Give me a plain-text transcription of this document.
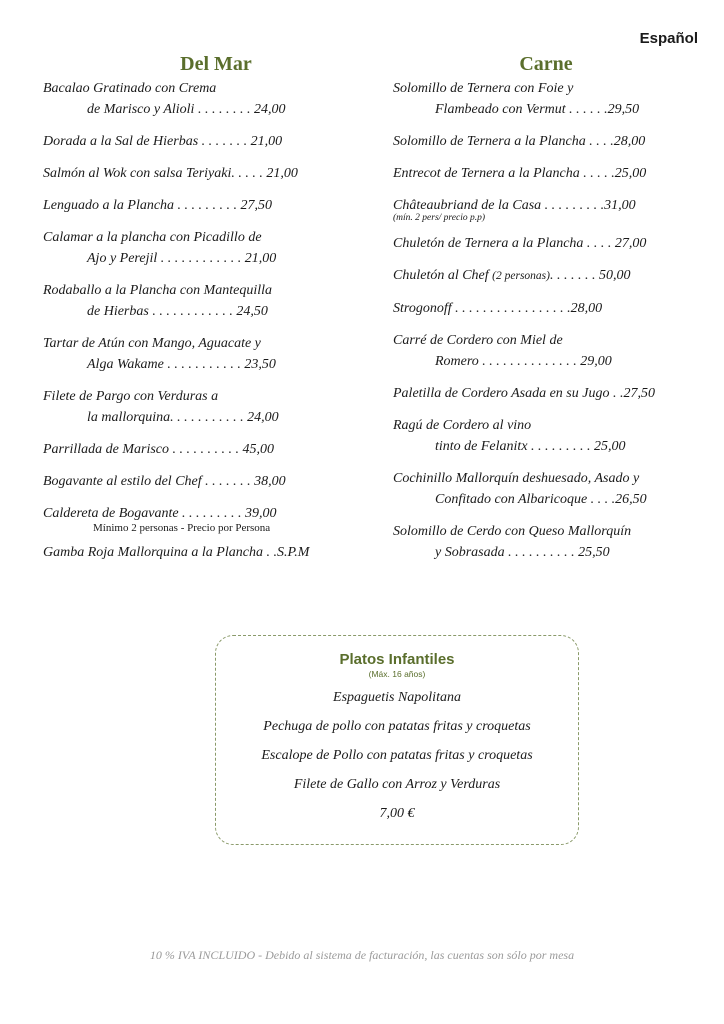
Español
Del Mar
Bacalao Gratinado con Crema
de Marisco y Alioli . . . . . . . . 24,00
Dorada a la Sal de Hierbas . . . . . . . 21,00
Salmón al Wok con salsa Teriyaki. . . . . 21,00
Lenguado a la Plancha . . . . . . . . . 27,50
Calamar a la plancha con Picadillo de
Ajo y Perejil . . . . . . . . . . . . 21,00
Rodaballo a la Plancha con Mantequilla
de Hierbas . . . . . . . . . . . . 24,50
Tartar de Atún con Mango, Aguacate y
Alga Wakame . . . . . . . . . . . 23,50
Filete de Pargo con Verduras a
la mallorquina. . . . . . . . . . . 24,00
Parrillada de Marisco . . . . . . . . . . 45,00
Bogavante al estilo del Chef . . . . . . . 38,00
Caldereta de Bogavante . . . . . . . . . 39,00
Mínimo 2 personas - Precio por Persona
Gamba Roja Mallorquina a la Plancha . .S.P.M
Carne
Solomillo de Ternera con Foie y
Flambeado con Vermut . . . . . .29,50
Solomillo de Ternera a la Plancha . . . .28,00
Entrecot de Ternera a la Plancha . . . . .25,00
Châteaubriand de la Casa . . . . . . . . .31,00
(mín. 2 pers/ precio p.p)
Chuletón de Ternera a la Plancha . . . . 27,00
Chuletón al Chef (2 personas). . . . . . . 50,00
Strogonoff . . . . . . . . . . . . . . . . .28,00
Carré de Cordero con Miel de
Romero . . . . . . . . . . . . . . 29,00
Paletilla de Cordero Asada en su Jugo . .27,50
Ragú de Cordero al vino
tinto de Felanitx . . . . . . . . . 25,00
Cochinillo Mallorquín deshuesado, Asado y
Confitado con Albaricoque . . . .26,50
Solomillo de Cerdo con Queso Mallorquín
y Sobrasada . . . . . . . . . . 25,50
Platos Infantiles
(Máx. 16 años)
Espaguetis Napolitana
Pechuga de pollo con patatas fritas y croquetas
Escalope de Pollo con patatas fritas y croquetas
Filete de Gallo con Arroz y Verduras
7,00 €
10 % IVA INCLUIDO - Debido al sistema de facturación, las cuentas son sólo por mesa
